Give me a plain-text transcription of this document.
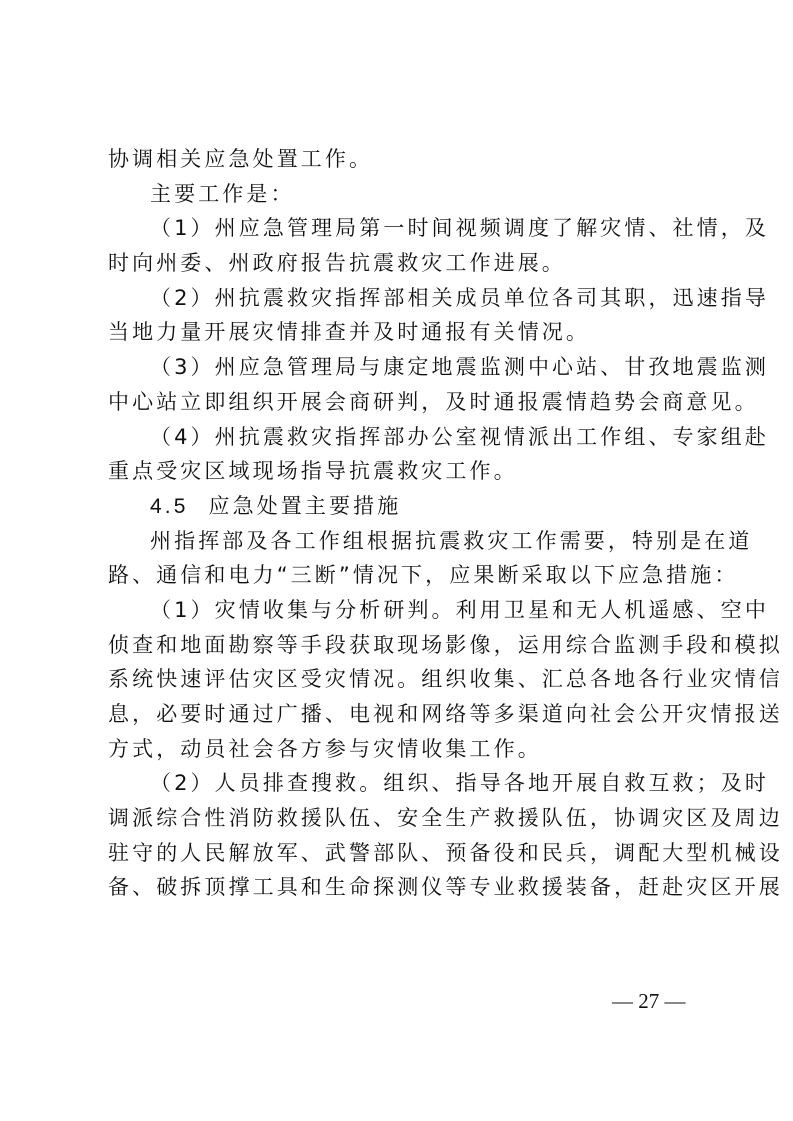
协调相关应急处置工作。
主要工作是：
（1）州应急管理局第一时间视频调度了解灾情、社情，及
时向州委、州政府报告抗震救灾工作进展。
（2）州抗震救灾指挥部相关成员单位各司其职，迅速指导
当地力量开展灾情排查并及时通报有关情况。
（3）州应急管理局与康定地震监测中心站、甘孜地震监测
中心站立即组织开展会商研判，及时通报震情趋势会商意见。
（4）州抗震救灾指挥部办公室视情派出工作组、专家组赴
重点受灾区域现场指导抗震救灾工作。
4.5 应急处置主要措施
州指挥部及各工作组根据抗震救灾工作需要，特别是在道
路、通信和电力“三断”情况下，应果断采取以下应急措施：
（1）灾情收集与分析研判。利用卫星和无人机遥感、空中
侦查和地面勘察等手段获取现场影像，运用综合监测手段和模拟
系统快速评估灾区受灾情况。组织收集、汇总各地各行业灾情信
息，必要时通过广播、电视和网络等多渠道向社会公开灾情报送
方式，动员社会各方参与灾情收集工作。
（2）人员排查搜救。组织、指导各地开展自救互救；及时
调派综合性消防救援队伍、安全生产救援队伍，协调灾区及周边
驻守的人民解放军、武警部队、预备役和民兵，调配大型机械设
备、破拆顶撑工具和生命探测仪等专业救援装备，赶赴灾区开展
— 27 —
